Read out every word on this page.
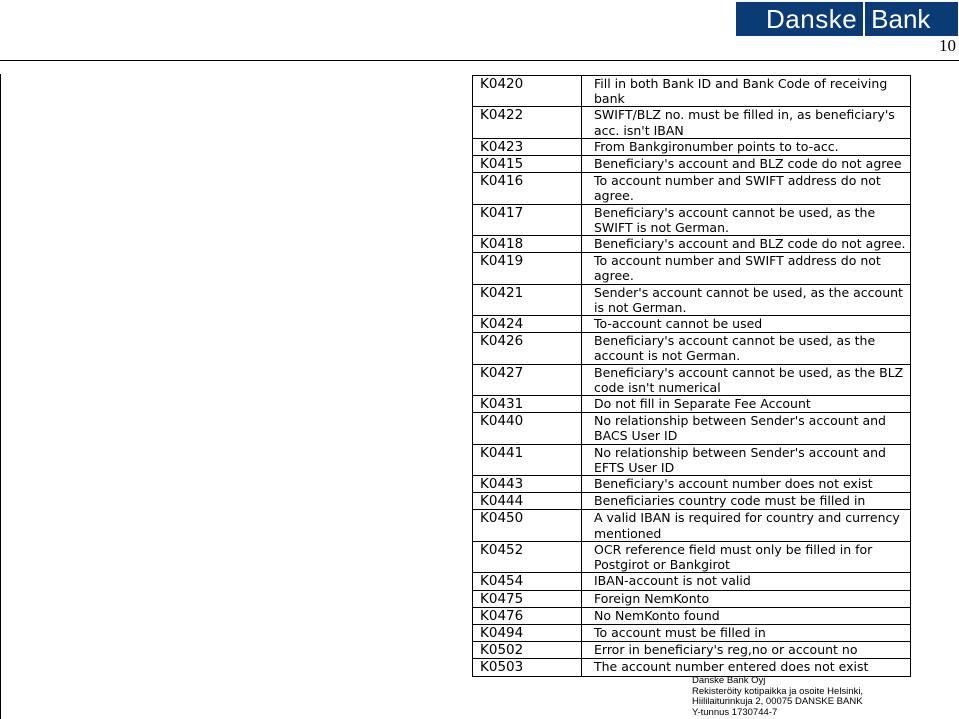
Danske Bank
10
K0420	Fill in both Bank ID and Bank Code of receiving bank
K0422	SWIFT/BLZ no. must be filled in, as beneficiary's acc. isn't IBAN
K0423	From Bankgironumber points to to-acc.
K0415	Beneficiary's account and BLZ code do not agree
K0416	To account number and SWIFT address do not agree.
K0417	Beneficiary's account cannot be used, as the SWIFT is not German.
K0418	Beneficiary's account and BLZ code do not agree.
K0419	To account number and SWIFT address do not agree.
K0421	Sender's account cannot be used, as the account is not German.
K0424	To-account cannot be used
K0426	Beneficiary's account cannot be used, as the account is not German.
K0427	Beneficiary's account cannot be used, as the BLZ code isn't numerical
K0431	Do not fill in Separate Fee Account
K0440	No relationship between Sender's account and BACS User ID
K0441	No relationship between Sender's account and EFTS User ID
K0443	Beneficiary's account number does not exist
K0444	Beneficiaries country code must be filled in
K0450	A valid IBAN is required for country and currency mentioned
K0452	OCR reference field must only be filled in for Postgirot or Bankgirot
K0454	IBAN-account is not valid
K0475	Foreign NemKonto
K0476	No NemKonto found
K0494	To account must be filled in
K0502	Error in beneficiary's reg,no or account no
K0503	The account number entered does not exist
Danske Bank Oyj
Rekisteröity kotipaikka ja osoite Helsinki,
Hiililaiturinkuja 2, 00075 DANSKE BANK
Y-tunnus 1730744-7
